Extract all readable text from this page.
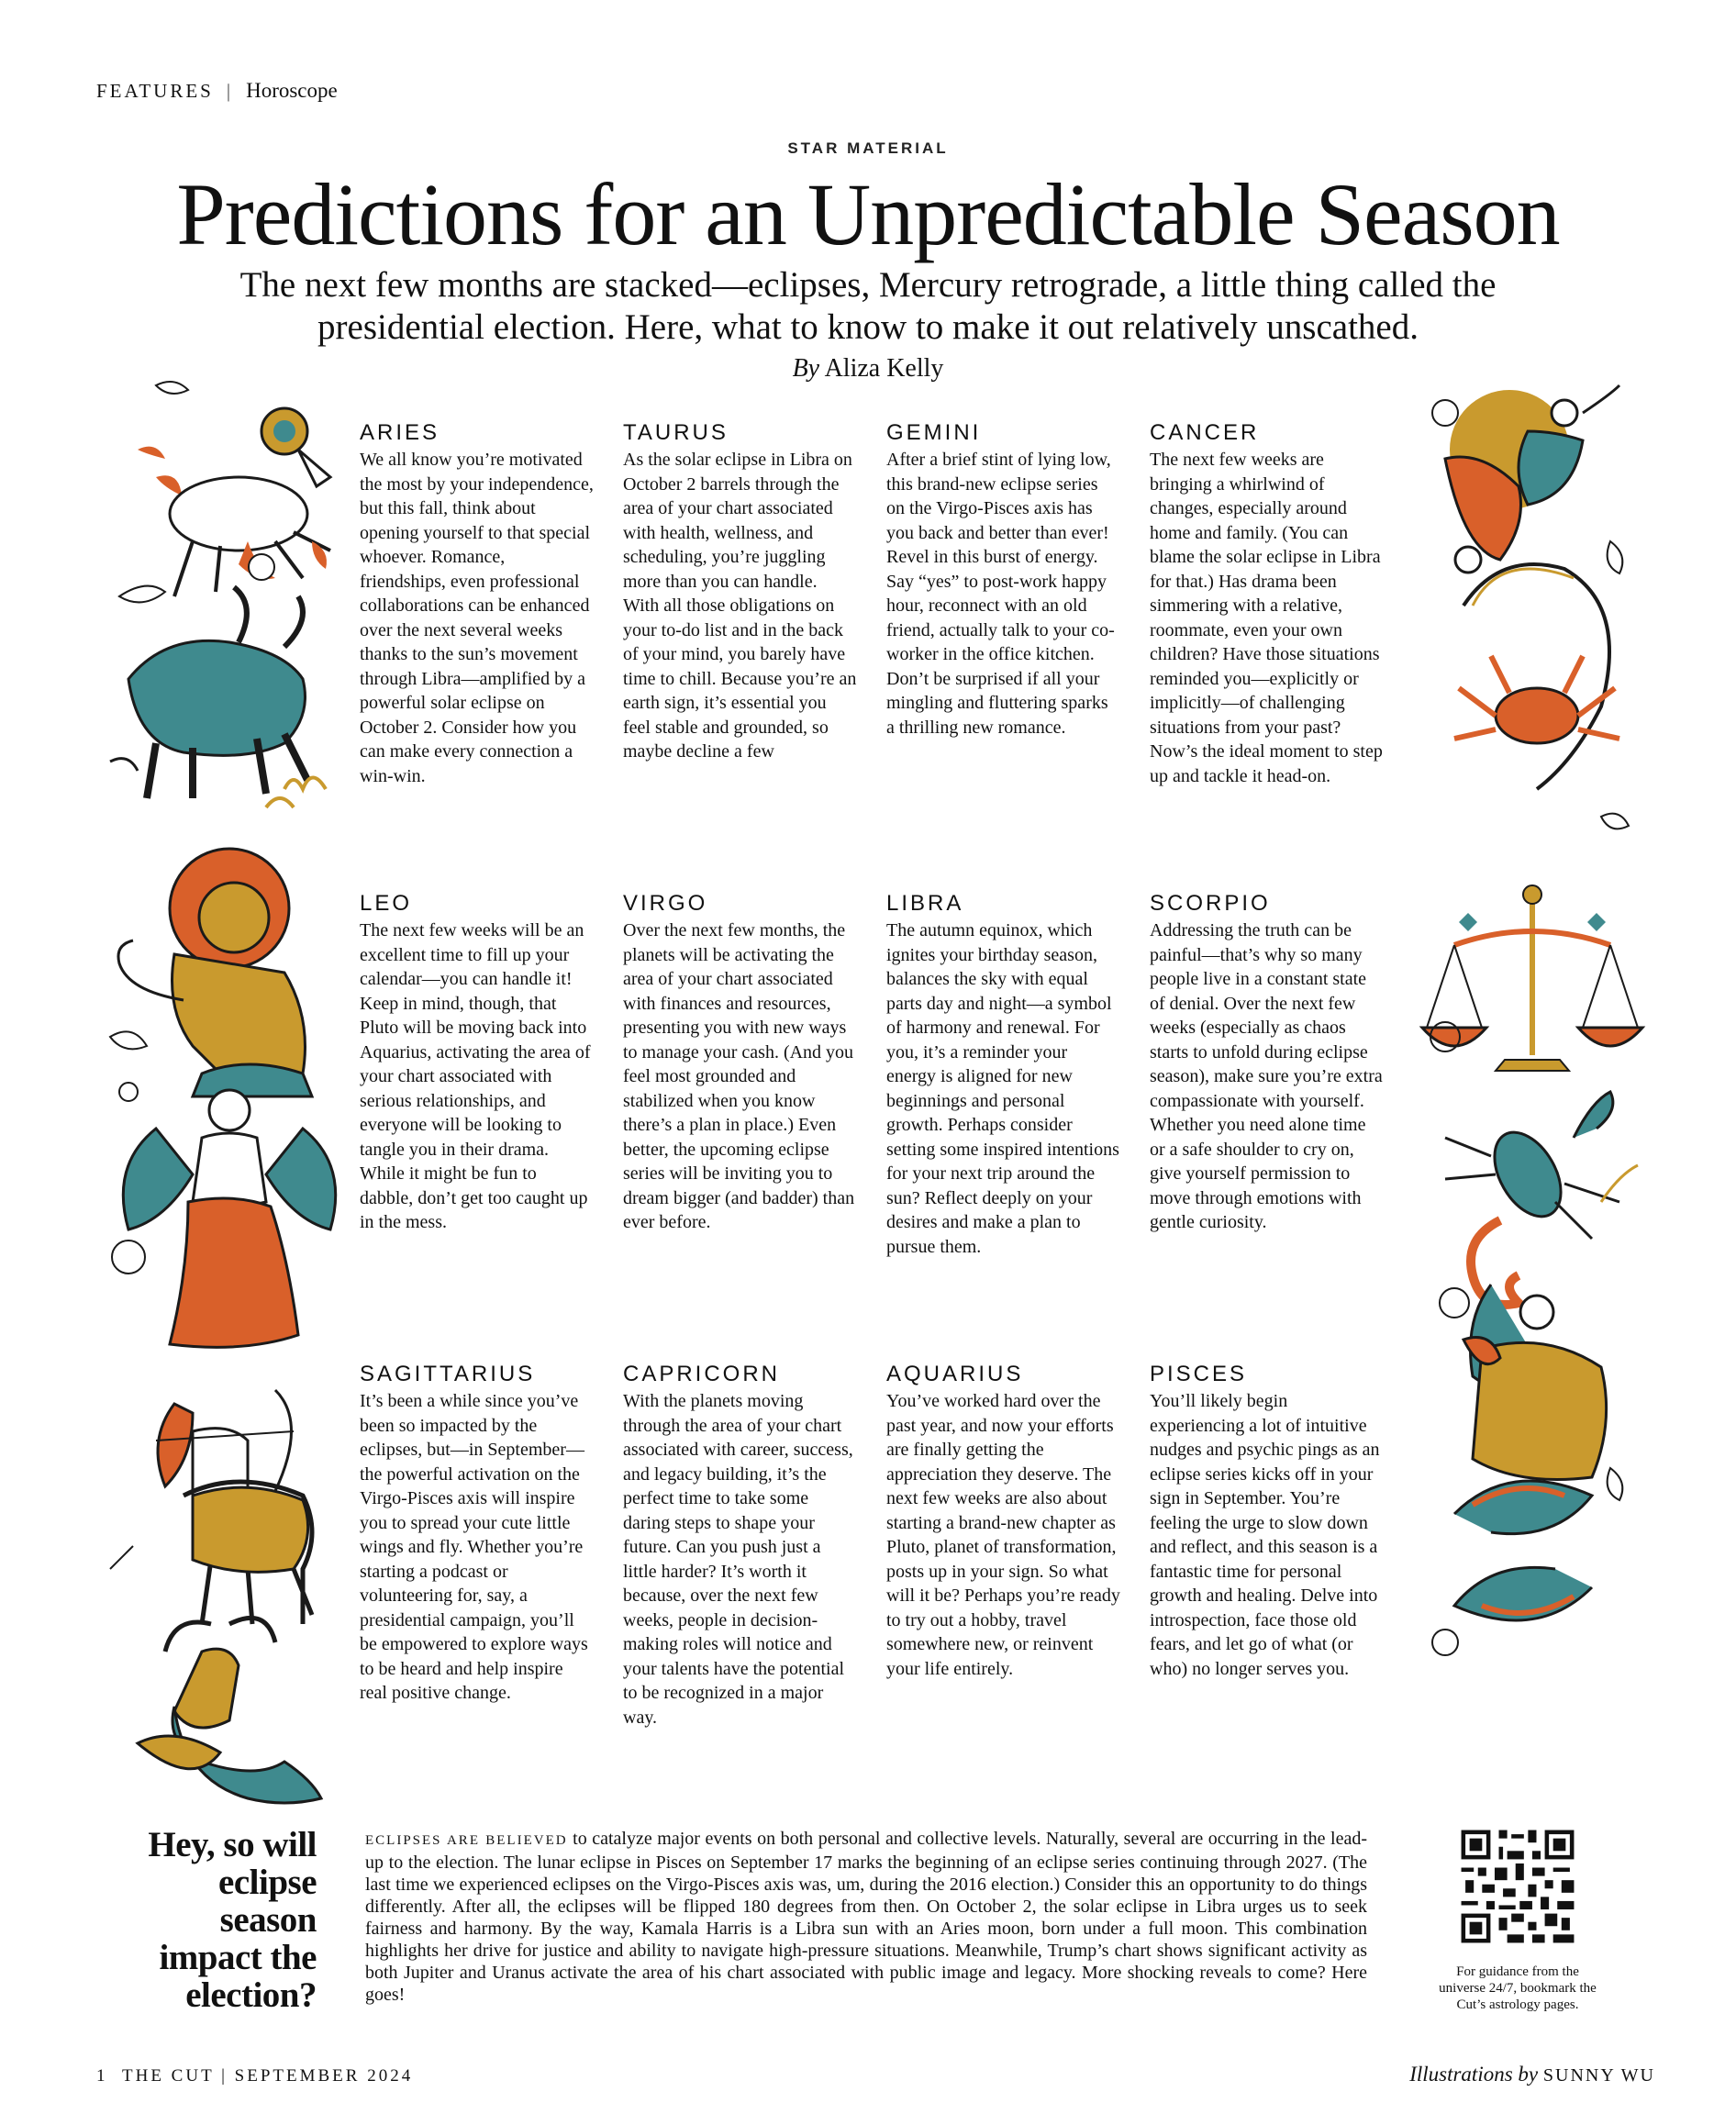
FEATURES | Horoscope
STAR MATERIAL
Predictions for an Unpredictable Season
The next few months are stacked—eclipses, Mercury retrograde, a little thing called the presidential election. Here, what to know to make it out relatively unscathed.
By Aliza Kelly
ARIES

We all know you’re motivated the most by your independence, but this fall, think about opening yourself to that special whoever. Romance, friendships, even professional collaborations can be enhanced over the next several weeks thanks to the sun’s movement through Libra—amplified by a powerful solar eclipse on October 2. Consider how you can make every connection a win-win.

TAURUS

As the solar eclipse in Libra on October 2 barrels through the area of your chart associated with health, wellness, and scheduling, you’re juggling more than you can handle. With all those obligations on your to-do list and in the back of your mind, you barely have time to chill. Because you’re an earth sign, it’s essential you feel stable and grounded, so maybe decline a few

GEMINI

After a brief stint of lying low, this brand-new eclipse series on the Virgo-Pisces axis has you back and better than ever! Revel in this burst of energy. Say “yes” to post-work happy hour, reconnect with an old friend, actually talk to your co-worker in the office kitchen. Don’t be surprised if all your mingling and fluttering sparks a thrilling new romance.

CANCER

The next few weeks are bringing a whirlwind of changes, especially around home and family. (You can blame the solar eclipse in Libra for that.) Has drama been simmering with a relative, roommate, even your own children? Have those situations reminded you—explicitly or implicitly—of challenging situations from your past? Now’s the ideal moment to step up and tackle it head-on.

LEO

The next few weeks will be an excellent time to fill up your calendar—you can handle it! Keep in mind, though, that Pluto will be moving back into Aquarius, activating the area of your chart associated with serious relationships, and everyone will be looking to tangle you in their drama. While it might be fun to dabble, don’t get too caught up in the mess.

VIRGO

Over the next few months, the planets will be activating the area of your chart associated with finances and resources, presenting you with new ways to manage your cash. (And you feel most grounded and stabilized when you know there’s a plan in place.) Even better, the upcoming eclipse series will be inviting you to dream bigger (and badder) than ever before.

LIBRA

The autumn equinox, which ignites your birthday season, balances the sky with equal parts day and night—a symbol of harmony and renewal. For you, it’s a reminder your energy is aligned for new beginnings and personal growth. Perhaps consider setting some inspired intentions for your next trip around the sun? Reflect deeply on your desires and make a plan to pursue them.

SCORPIO

Addressing the truth can be painful—that’s why so many people live in a constant state of denial. Over the next few weeks (especially as chaos starts to unfold during eclipse season), make sure you’re extra compassionate with yourself. Whether you need alone time or a safe shoulder to cry on, give yourself permission to move through emotions with gentle curiosity.

SAGITTARIUS

It’s been a while since you’ve been so impacted by the eclipses, but—in September—the powerful activation on the Virgo-Pisces axis will inspire you to spread your cute little wings and fly. Whether you’re starting a podcast or volunteering for, say, a presidential campaign, you’ll be empowered to explore ways to be heard and help inspire real positive change.

CAPRICORN

With the planets moving through the area of your chart associated with career, success, and legacy building, it’s the perfect time to take some daring steps to shape your future. Can you push just a little harder? It’s worth it because, over the next few weeks, people in decision-making roles will notice and your talents have the potential to be recognized in a major way.

AQUARIUS

You’ve worked hard over the past year, and now your efforts are finally getting the appreciation they deserve. The next few weeks are also about starting a brand-new chapter as Pluto, planet of transformation, posts up in your sign. So what will it be? Perhaps you’re ready to try out a hobby, travel somewhere new, or reinvent your life entirely.

PISCES

You’ll likely begin experiencing a lot of intuitive nudges and psychic pings as an eclipse series kicks off in your sign in September. You’re feeling the urge to slow down and reflect, and this season is a fantastic time for personal growth and healing. Delve into introspection, face those old fears, and let go of what (or who) no longer serves you.

Hey, so will eclipse season impact the election?
ECLIPSES ARE BELIEVED to catalyze major events on both personal and collective levels. Naturally, several are occurring in the lead-up to the election. The lunar eclipse in Pisces on September 17 marks the beginning of an eclipse series continuing through 2027. (The last time we experienced eclipses on the Virgo-Pisces axis was, um, during the 2016 election.) Consider this an opportunity to do things differently. After all, the eclipses will be flipped 180 degrees from then. On October 2, the solar eclipse in Libra urges us to seek fairness and harmony. By the way, Kamala Harris is a Libra sun with an Aries moon, born under a full moon. This combination highlights her drive for justice and ability to navigate high-pressure situations. Meanwhile, Trump’s chart shows significant activity as both Jupiter and Uranus activate the area of his chart associated with public image and legacy. More shocking reveals to come? Here goes!
For guidance from the universe 24/7, bookmark the Cut’s astrology pages.
1 THE CUT | SEPTEMBER 2024	Illustrations by SUNNY WU
